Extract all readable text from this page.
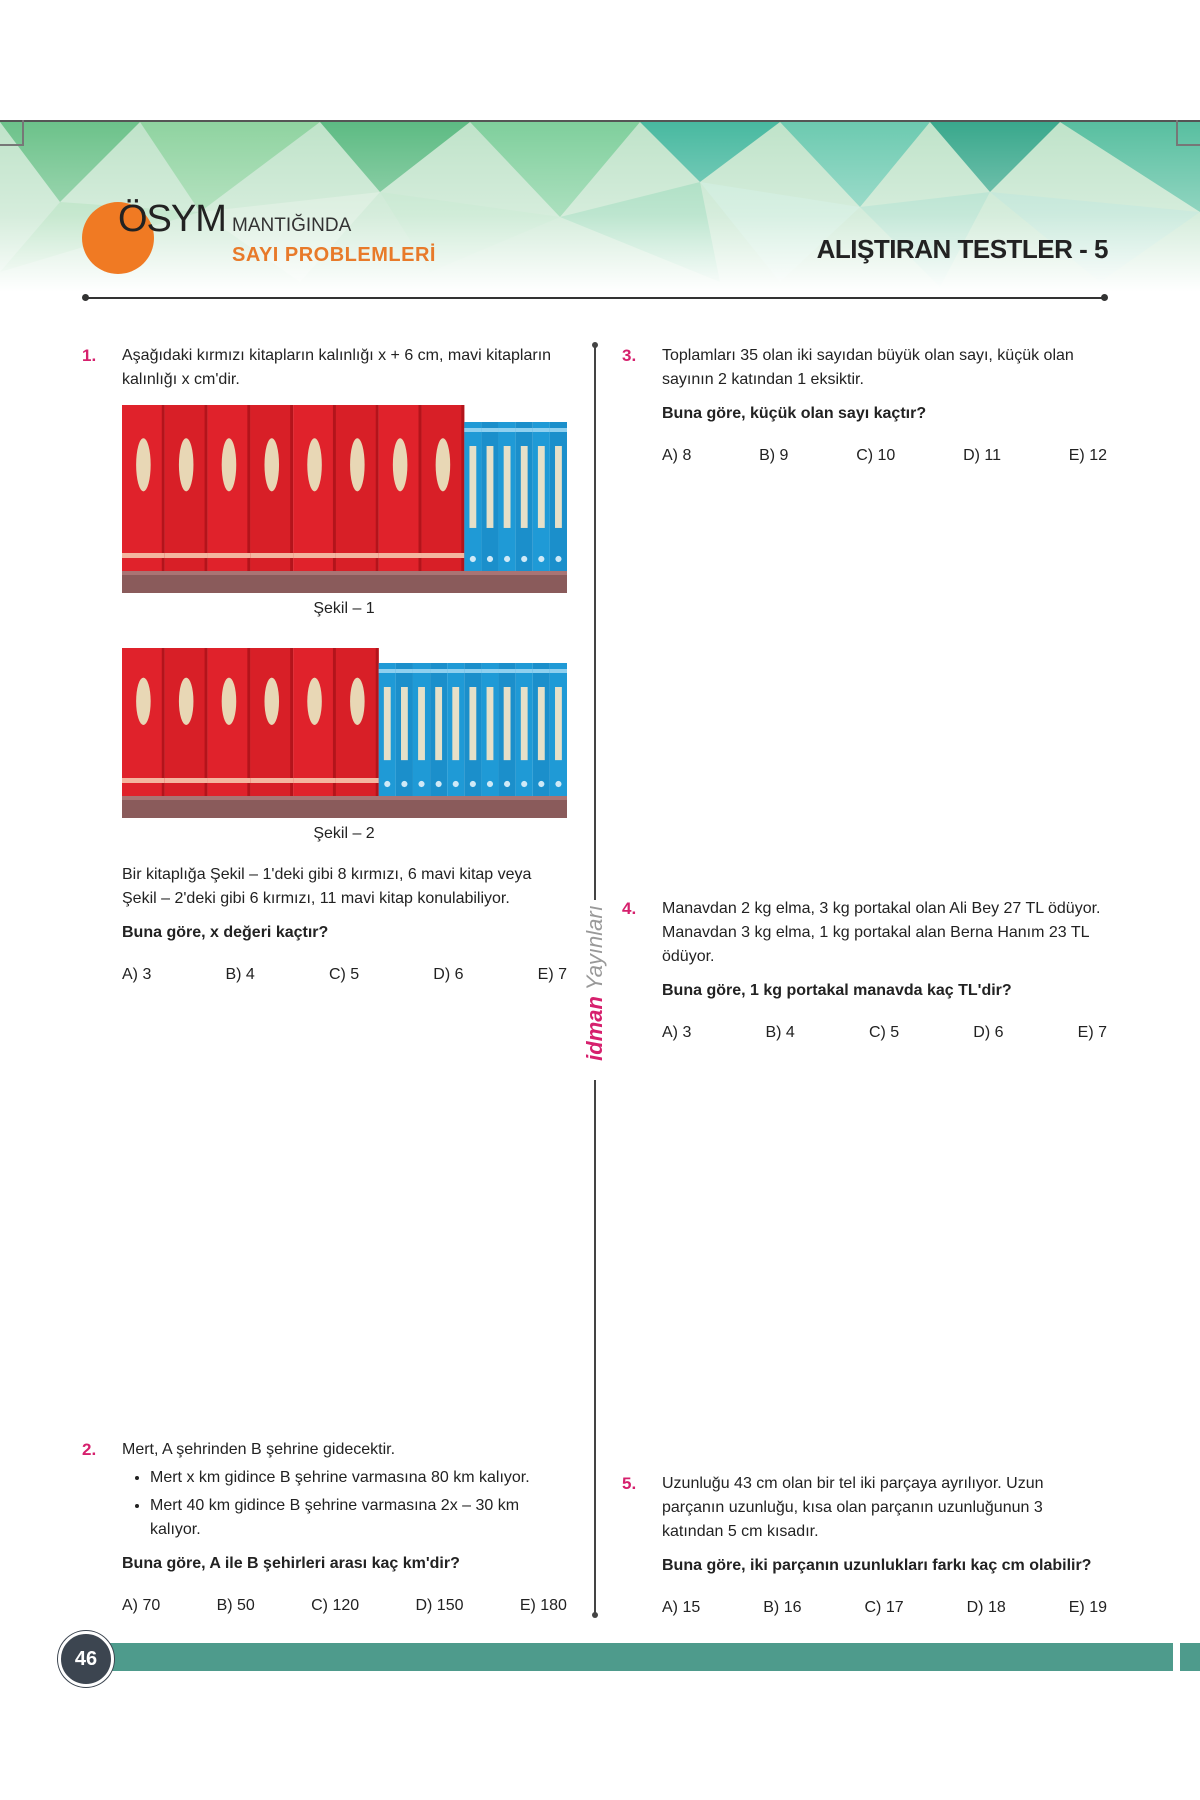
ÖSYM MANTIĞINDA
SAYI PROBLEMLERİ	ALIŞTIRAN TESTLER - 5
idman Yayınları
1. Aşağıdaki kırmızı kitapların kalınlığı x + 6 cm, mavi kitapların kalınlığı x cm'dir.

Şekil – 1
Şekil – 2

Bir kitaplığa Şekil – 1'deki gibi 8 kırmızı, 6 mavi kitap veya Şekil – 2'deki gibi 6 kırmızı, 11 mavi kitap konulabiliyor.

Buna göre, x değeri kaçtır?

A) 3	B) 4	C) 5	D) 6	E) 7
2. Mert, A şehrinden B şehrine gidecektir.

• Mert x km gidince B şehrine varmasına 80 km kalıyor.
• Mert 40 km gidince B şehrine varmasına 2x – 30 km kalıyor.

Buna göre, A ile B şehirleri arası kaç km'dir?

A) 70	B) 50	C) 120	D) 150	E) 180
3. Toplamları 35 olan iki sayıdan büyük olan sayı, küçük olan sayının 2 katından 1 eksiktir.

Buna göre, küçük olan sayı kaçtır?

A) 8	B) 9	C) 10	D) 11	E) 12
4. Manavdan 2 kg elma, 3 kg portakal olan Ali Bey 27 TL ödüyor. Manavdan 3 kg elma, 1 kg portakal alan Berna Hanım 23 TL ödüyor.

Buna göre, 1 kg portakal manavda kaç TL'dir?

A) 3	B) 4	C) 5	D) 6	E) 7
5. Uzunluğu 43 cm olan bir tel iki parçaya ayrılıyor. Uzun parçanın uzunluğu, kısa olan parçanın uzunluğunun 3 katından 5 cm kısadır.

Buna göre, iki parçanın uzunlukları farkı kaç cm olabilir?

A) 15	B) 16	C) 17	D) 18	E) 19
46
